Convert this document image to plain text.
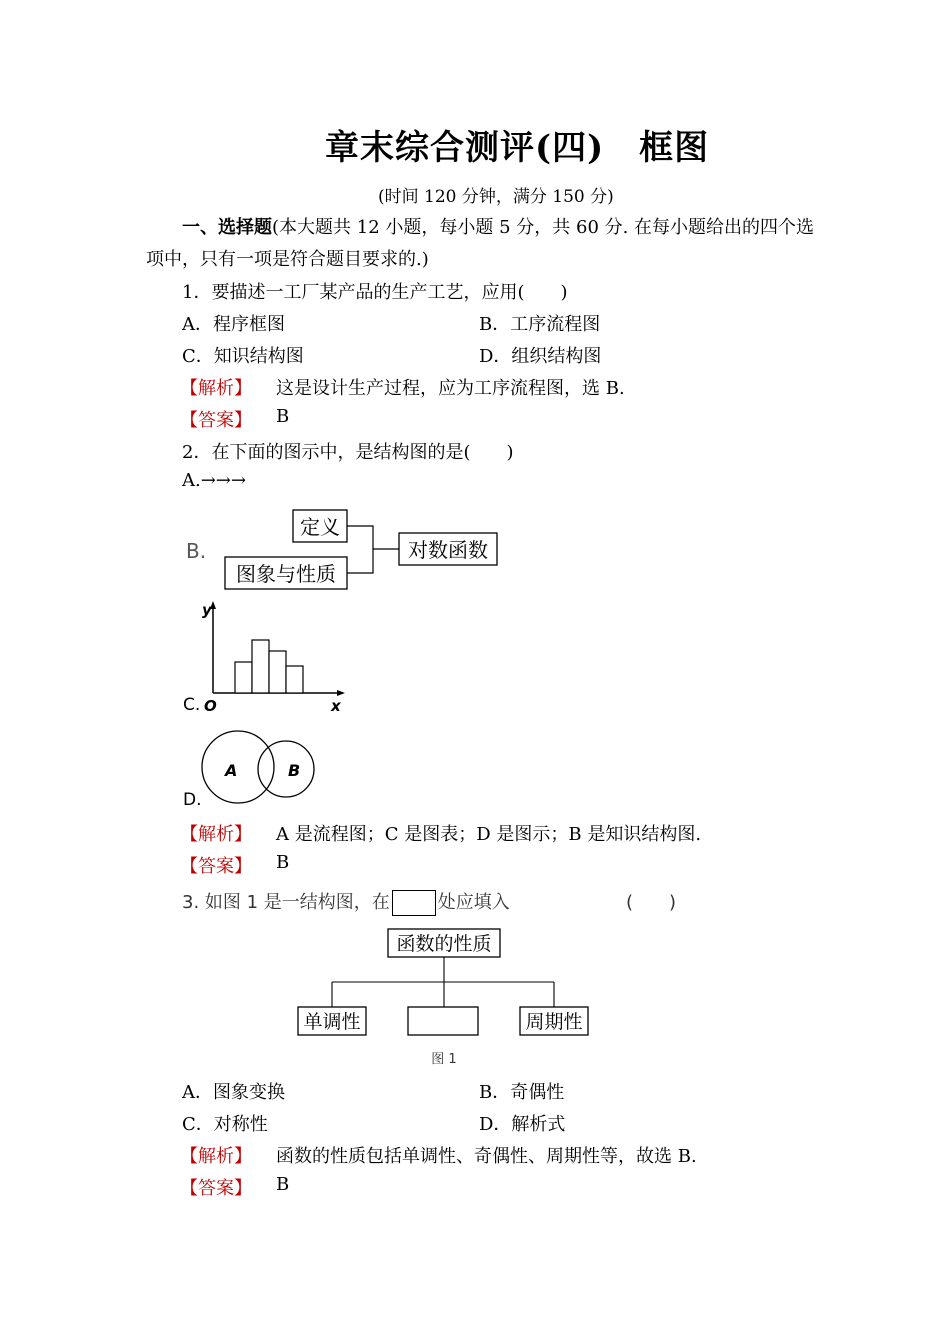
章末综合测评(四)　框图
(时间 120 分钟，满分 150 分)
一、选择题(本大题共 12 小题，每小题 5 分，共 60 分. 在每小题给出的四个选
项中，只有一项是符合题目要求的.)
1．要描述一工厂某产品的生产工艺，应用(　　)
A．程序框图	B．工序流程图
C．知识结构图	D．组织结构图
【解析】 这是设计生产过程，应为工序流程图，选 B.
【答案】 B
2．在下面的图示中，是结构图的是(　　)
A.→→→
B.
定义
图象与性质
对数函数
C.
y
O	x
D.
A	B
【解析】 A 是流程图；C 是图表；D 是图示；B 是知识结构图.
【答案】 B
3. 如图 1 是一结构图，在	处应填入	(　　)
函数的性质
单调性	周期性
图 1
A．图象变换	B．奇偶性
C．对称性	D．解析式
【解析】 函数的性质包括单调性、奇偶性、周期性等，故选 B.
【答案】 B
